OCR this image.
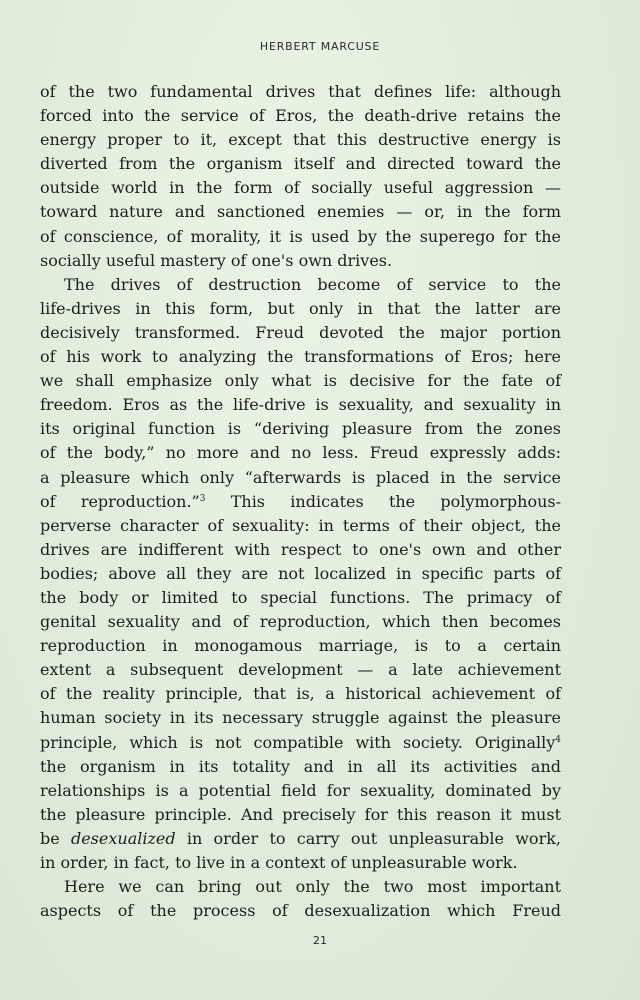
HERBERT MARCUSE
of the two fundamental drives that defines life: although
forced into the service of Eros, the death-drive retains the
energy proper to it, except that this destructive energy is
diverted from the organism itself and directed toward the
outside world in the form of socially useful aggression —
toward nature and sanctioned enemies — or, in the form
of conscience, of morality, it is used by the superego for the
socially useful mastery of one's own drives.
The drives of destruction become of service to the
life-drives in this form, but only in that the latter are
decisively transformed. Freud devoted the major portion
of his work to analyzing the transformations of Eros; here
we shall emphasize only what is decisive for the fate of
freedom. Eros as the life-drive is sexuality, and sexuality in
its original function is “deriving pleasure from the zones
of the body,” no more and no less. Freud expressly adds:
a pleasure which only “afterwards is placed in the service
of reproduction.”$^3$ This indicates the polymorphous-
perverse character of sexuality: in terms of their object, the
drives are indifferent with respect to one's own and other
bodies; above all they are not localized in specific parts of
the body or limited to special functions. The primacy of
genital sexuality and of reproduction, which then becomes
reproduction in monogamous marriage, is to a certain
extent a subsequent development — a late achievement
of the reality principle, that is, a historical achievement of
human society in its necessary struggle against the pleasure
principle, which is not compatible with society. Originally$^4$
the organism in its totality and in all its activities and
relationships is a potential field for sexuality, dominated by
the pleasure principle. And precisely for this reason it must
be desexualized in order to carry out unpleasurable work,
in order, in fact, to live in a context of unpleasurable work.
Here we can bring out only the two most important
aspects of the process of desexualization which Freud
21
